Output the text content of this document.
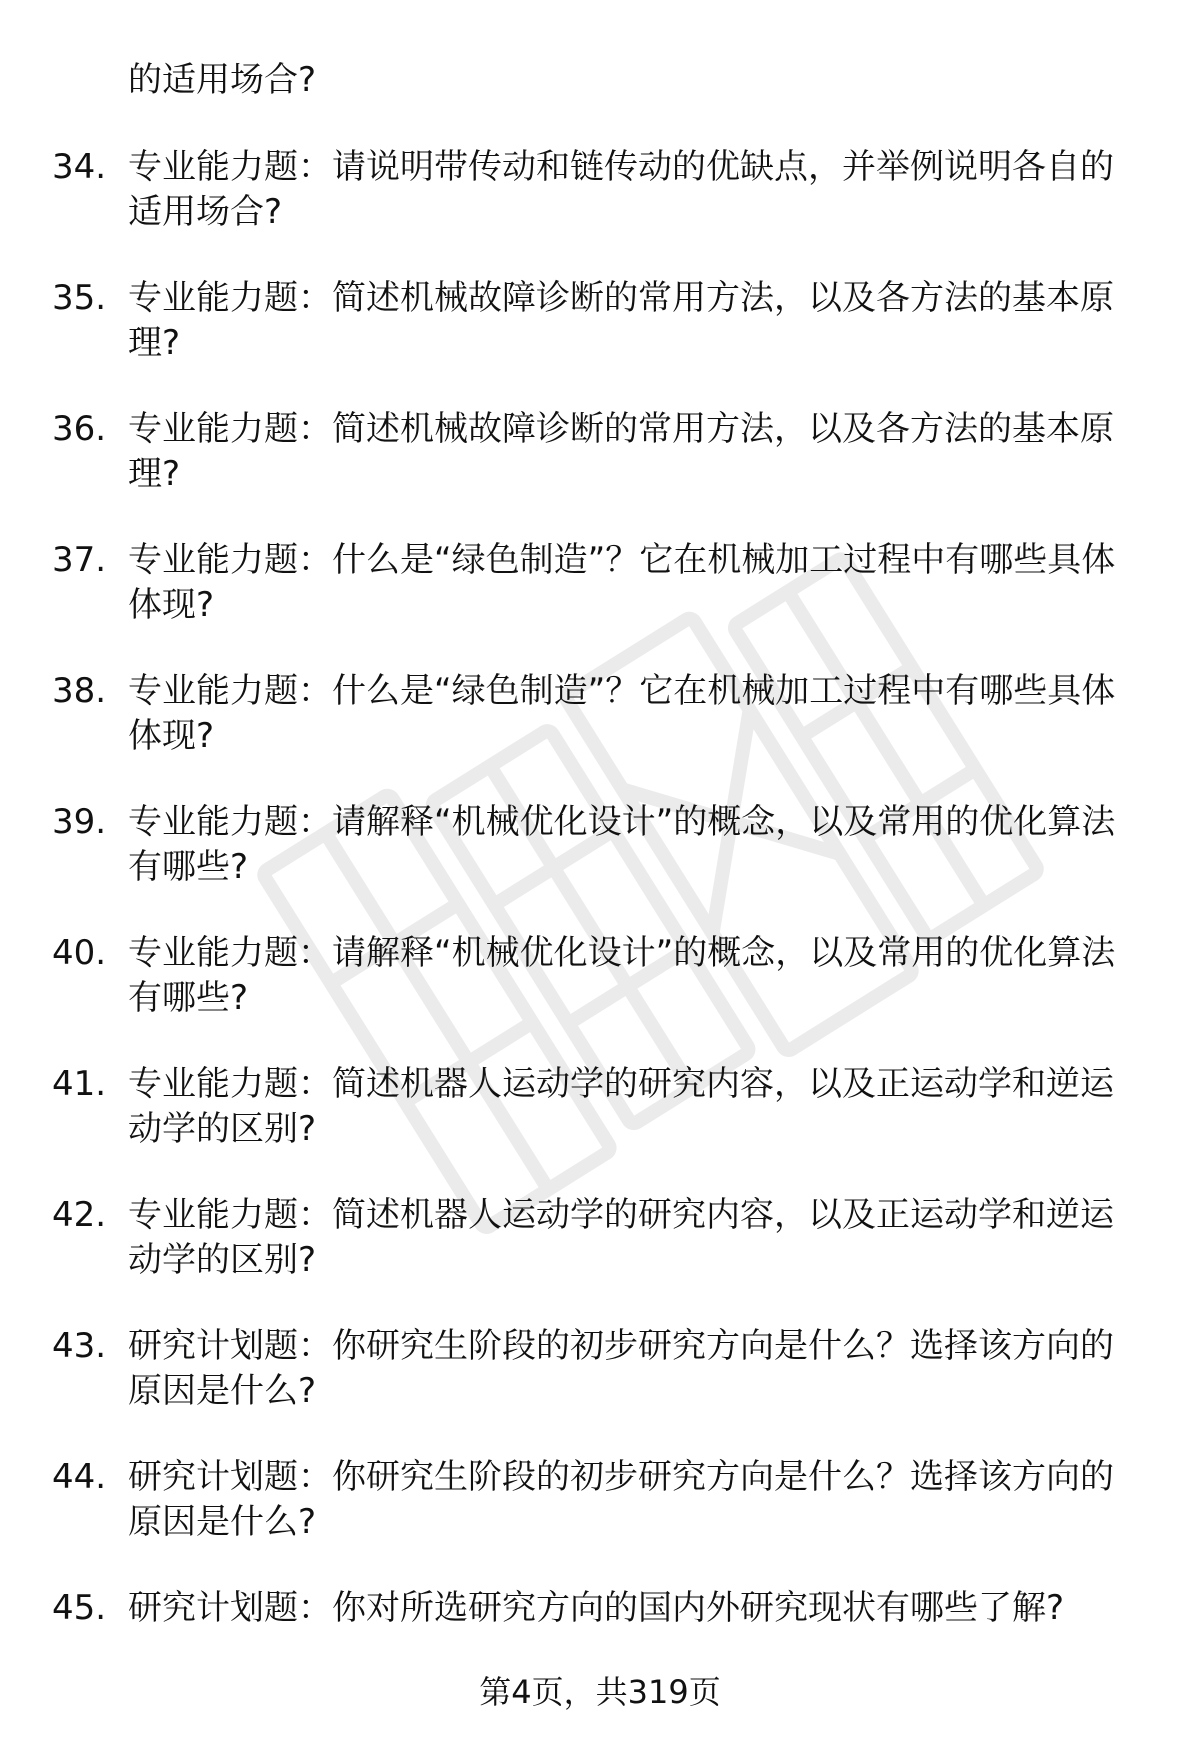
的适用场合?
34. 专业能力题：请说明带传动和链传动的优缺点，并举例说明各自的适用场合?
35. 专业能力题：简述机械故障诊断的常用方法，以及各方法的基本原理?
36. 专业能力题：简述机械故障诊断的常用方法，以及各方法的基本原理?
37. 专业能力题：什么是“绿色制造”？它在机械加工过程中有哪些具体体现?
38. 专业能力题：什么是“绿色制造”？它在机械加工过程中有哪些具体体现?
39. 专业能力题：请解释“机械优化设计”的概念，以及常用的优化算法有哪些?
40. 专业能力题：请解释“机械优化设计”的概念，以及常用的优化算法有哪些?
41. 专业能力题：简述机器人运动学的研究内容，以及正运动学和逆运动学的区别?
42. 专业能力题：简述机器人运动学的研究内容，以及正运动学和逆运动学的区别?
43. 研究计划题：你研究生阶段的初步研究方向是什么？选择该方向的原因是什么?
44. 研究计划题：你研究生阶段的初步研究方向是什么？选择该方向的原因是什么?
45. 研究计划题：你对所选研究方向的国内外研究现状有哪些了解?
第4页，共319页
